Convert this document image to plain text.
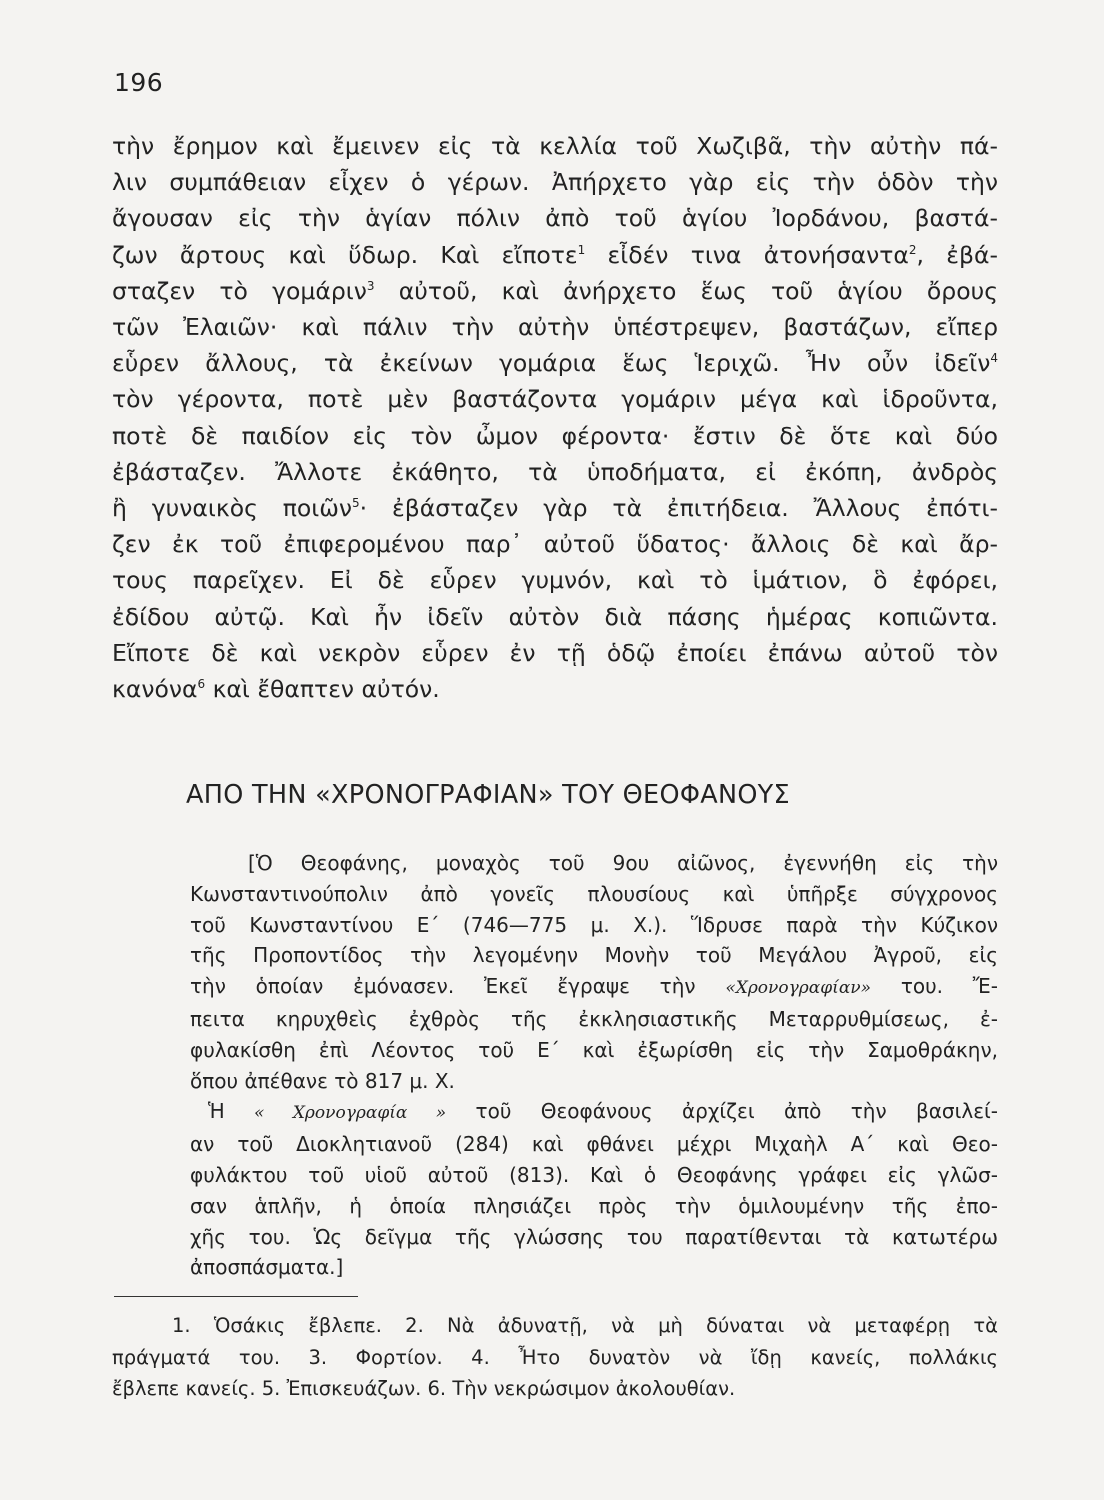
196
τὴν ἔρημον καὶ ἔμεινεν εἰς τὰ κελλία τοῦ Χωζιβᾶ, τὴν αὐτὴν πά-
λιν συμπάθειαν εἶχεν ὁ γέρων. Ἀπήρχετο γὰρ εἰς τὴν ὁδὸν τὴν
ἄγουσαν εἰς τὴν ἁγίαν πόλιν ἀπὸ τοῦ ἁγίου Ἰορδάνου, βαστά-
ζων ἄρτους καὶ ὕδωρ. Καὶ εἴποτε$^1$ εἶδέν τινα ἀτονήσαντα$^2$, ἐβά-
σταζεν τὸ γομάριν$^3$ αὐτοῦ, καὶ ἀνήρχετο ἕως τοῦ ἁγίου ὄρους
τῶν Ἐλαιῶν· καὶ πάλιν τὴν αὐτὴν ὑπέστρεψεν, βαστάζων, εἴπερ
εὗρεν ἄλλους, τὰ ἐκείνων γομάρια ἕως Ἱεριχῶ. Ἦν οὖν ἰδεῖν$^4$
τὸν γέροντα, ποτὲ μὲν βαστάζοντα γομάριν μέγα καὶ ἱδροῦντα,
ποτὲ δὲ παιδίον εἰς τὸν ὦμον φέροντα· ἔστιν δὲ ὅτε καὶ δύο
ἐβάσταζεν. Ἄλλοτε ἐκάθητο, τὰ ὑποδήματα, εἰ ἐκόπη, ἀνδρὸς
ἢ γυναικὸς ποιῶν$^5$· ἐβάσταζεν γὰρ τὰ ἐπιτήδεια. Ἄλλους ἐπότι-
ζεν ἐκ τοῦ ἐπιφερομένου παρ᾽ αὐτοῦ ὕδατος· ἄλλοις δὲ καὶ ἄρ-
τους παρεῖχεν. Εἰ δὲ εὗρεν γυμνόν, καὶ τὸ ἱμάτιον, ὃ ἐφόρει,
ἐδίδου αὐτῷ. Καὶ ἦν ἰδεῖν αὐτὸν διὰ πάσης ἡμέρας κοπιῶντα.
Εἴποτε δὲ καὶ νεκρὸν εὗρεν ἐν τῇ ὁδῷ ἐποίει ἐπάνω αὐτοῦ τὸν
κανόνα$^6$ καὶ ἔθαπτεν αὐτόν.
ΑΠΟ ΤΗΝ «ΧΡΟΝΟΓΡΑΦΙΑΝ» ΤΟΥ ΘΕΟΦΑΝΟΥΣ
[Ὁ Θεοφάνης, μοναχὸς τοῦ 9ου αἰῶνος, ἐγεννήθη εἰς τὴν
Κωνσταντινούπολιν ἀπὸ γονεῖς πλουσίους καὶ ὑπῆρξε σύγχρονος
τοῦ Κωνσταντίνου Ε΄ (746—775 μ. Χ.). Ἵδρυσε παρὰ τὴν Κύζικον
τῆς Προποντίδος τὴν λεγομένην Μονὴν τοῦ Μεγάλου Ἀγροῦ, εἰς
τὴν ὁποίαν ἐμόνασεν. Ἐκεῖ ἔγραψε τὴν «Χρονογραφίαν» του. Ἔ-
πειτα κηρυχθεὶς ἐχθρὸς τῆς ἐκκλησιαστικῆς Μεταρρυθμίσεως, ἐ-
φυλακίσθη ἐπὶ Λέοντος τοῦ Ε΄ καὶ ἐξωρίσθη εἰς τὴν Σαμοθράκην,
ὅπου ἀπέθανε τὸ 817 μ. Χ.
Ἡ « Χρονογραφία » τοῦ Θεοφάνους ἀρχίζει ἀπὸ τὴν βασιλεί-
αν τοῦ Διοκλητιανοῦ (284) καὶ φθάνει μέχρι Μιχαὴλ Α΄ καὶ Θεο-
φυλάκτου τοῦ υἱοῦ αὐτοῦ (813). Καὶ ὁ Θεοφάνης γράφει εἰς γλῶσ-
σαν ἁπλῆν, ἡ ὁποία πλησιάζει πρὸς τὴν ὁμιλουμένην τῆς ἐπο-
χῆς του. Ὡς δεῖγμα τῆς γλώσσης του παρατίθενται τὰ κατωτέρω
ἀποσπάσματα.]
1. Ὁσάκις ἔβλεπε. 2. Νὰ ἀδυνατῇ, νὰ μὴ δύναται νὰ μεταφέρῃ τὰ
πράγματά του. 3. Φορτίον. 4. Ἦτο δυνατὸν νὰ ἴδῃ κανείς, πολλάκις
ἔβλεπε κανείς. 5. Ἐπισκευάζων. 6. Τὴν νεκρώσιμον ἀκολουθίαν.
